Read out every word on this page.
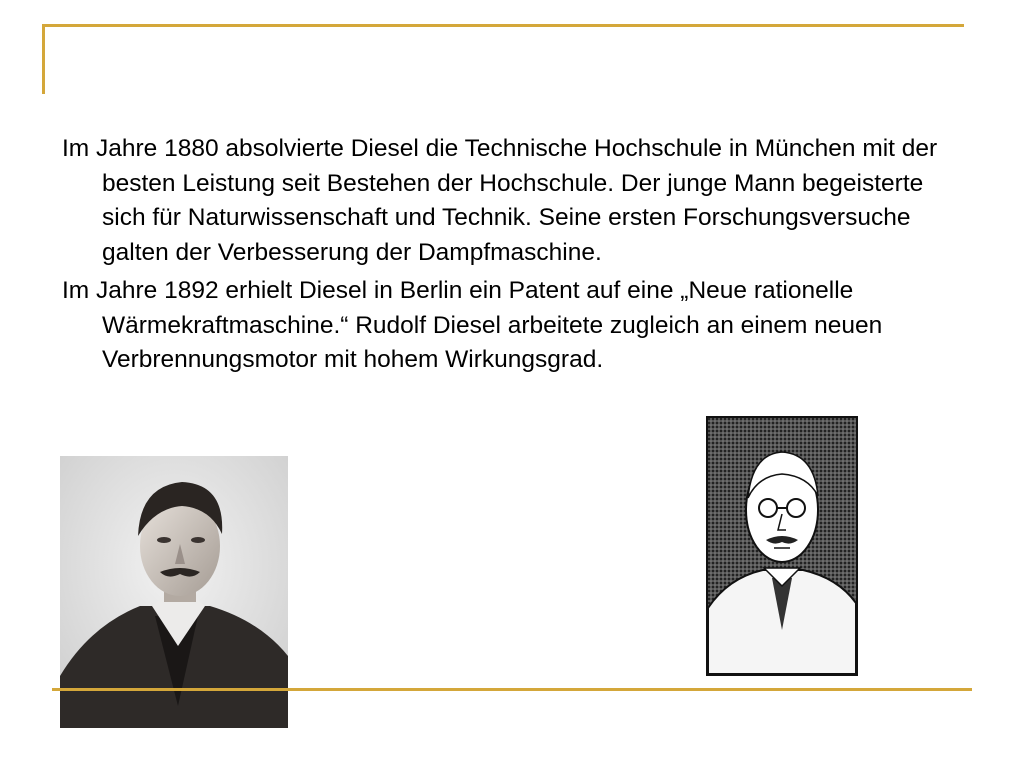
Im Jahre 1880 absolvierte Diesel die Technische Hochschule in München mit der besten Leistung seit Bestehen der Hochschule. Der junge Mann begeisterte sich für Naturwissenschaft und Technik. Seine ersten Forschungsversuche galten der Verbesserung der Dampfmaschine.

Im Jahre 1892 erhielt Diesel in Berlin ein Patent auf eine „Neue rationelle Wärmekraftmaschine.“ Rudolf Diesel arbeitete zugleich an einem neuen Verbrennungsmotor mit hohem Wirkungsgrad.
